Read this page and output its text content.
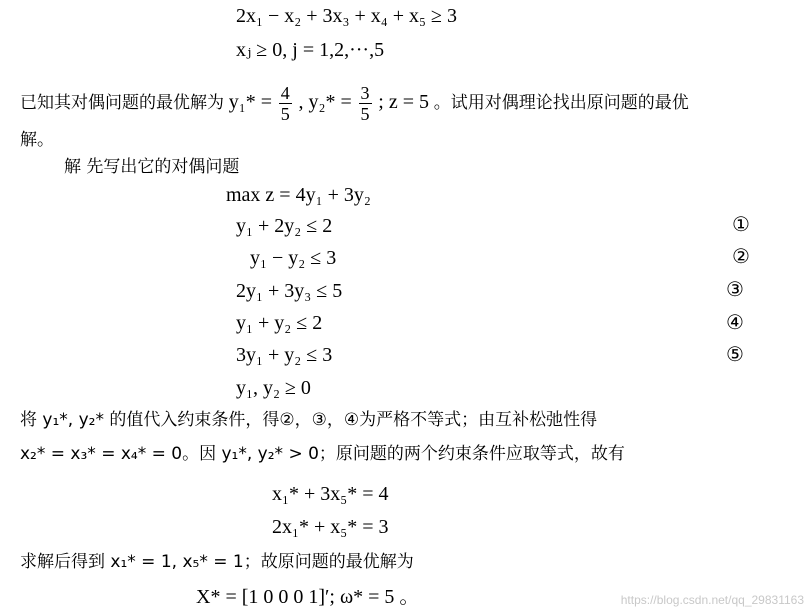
2x₁ − x₂ + 3x₃ + x₄ + x₅ ≥ 3
xⱼ ≥ 0, j = 1,2,···,5
已知其对偶问题的最优解为 $y_1* = \frac{4}{5}$ , $y_2* = \frac{3}{5}$ ; z = 5 。试用对偶理论找出原问题的最优
解。
解 先写出它的对偶问题
max z = 4y₁ + 3y₂
y₁ + 2y₂ ≤ 2	①
y₁ − y₂ ≤ 3	②
2y₁ + 3y₃ ≤ 5	③
y₁ + y₂ ≤ 2	④
3y₁ + y₂ ≤ 3	⑤
y₁, y₂ ≥ 0
将 y₁*, y₂* 的值代入约束条件，得②，③，④为严格不等式；由互补松弛性得
x₂* = x₃* = x₄* = 0。因 y₁*, y₂* > 0；原问题的两个约束条件应取等式，故有
x₁* + 3x₅* = 4
2x₁* + x₅* = 3
求解后得到 x₁* = 1, x₅* = 1；故原问题的最优解为
X* = [1 0 0 0 1]′; ω* = 5 。	https://blog.csdn.net/qq_29831163
